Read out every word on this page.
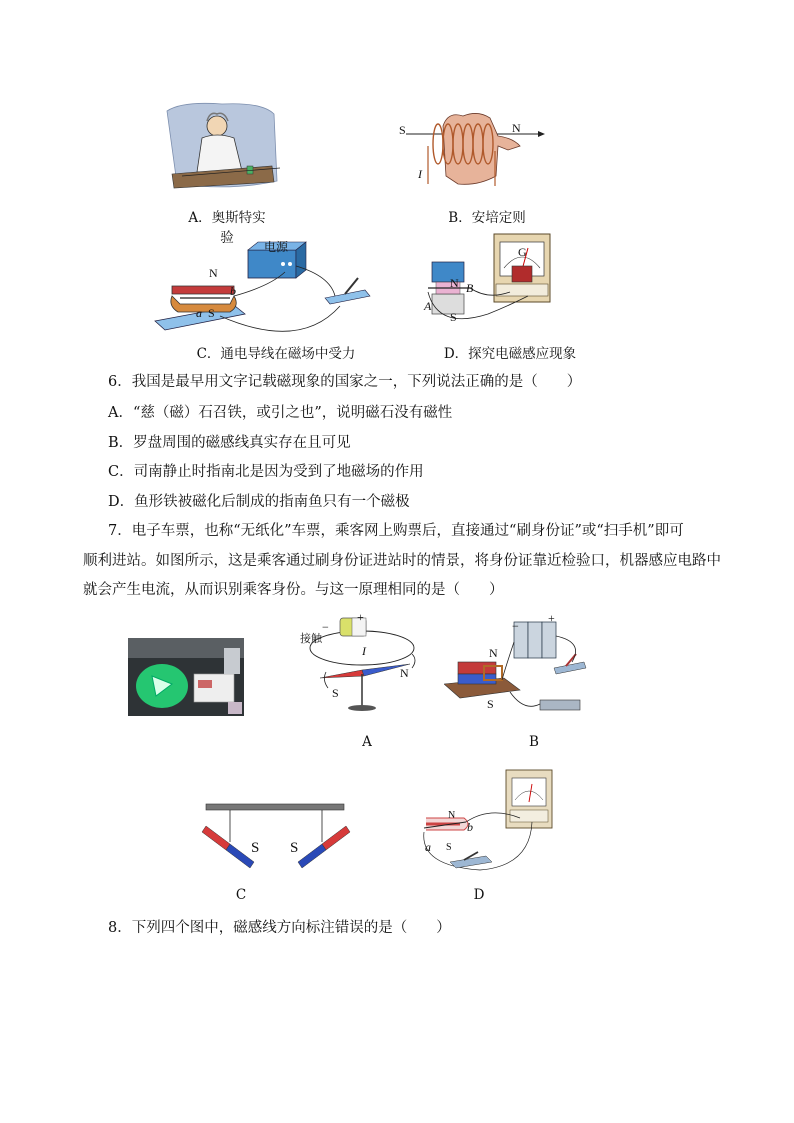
A．奥斯特实验
S	N
I
B．安培定则
电源
N
b
a S
C．通电导线在磁场中受力
N B
A
S
G
D．探究电磁感应现象
6．我国是最早用文字记载磁现象的国家之一，下列说法正确的是（　　）
A．“慈（磁）石召铁，或引之也”，说明磁石没有磁性
B．罗盘周围的磁感线真实存在且可见
C．司南静止时指南北是因为受到了地磁场的作用
D．鱼形铁被磁化后制成的指南鱼只有一个磁极
7．电子车票，也称“无纸化”车票，乘客网上购票后，直接通过“刷身份证”或“扫手机”即可
顺利进站。如图所示，这是乘客通过刷身份证进站时的情景，将身份证靠近检验口，机器感应电路中
就会产生电流，从而识别乘客身份。与这一原理相同的是（　　）
+
−
接触
I
N
S
A
−
+
N
S
B
S S
C
N
b
a S
D
8．下列四个图中，磁感线方向标注错误的是（　　）
